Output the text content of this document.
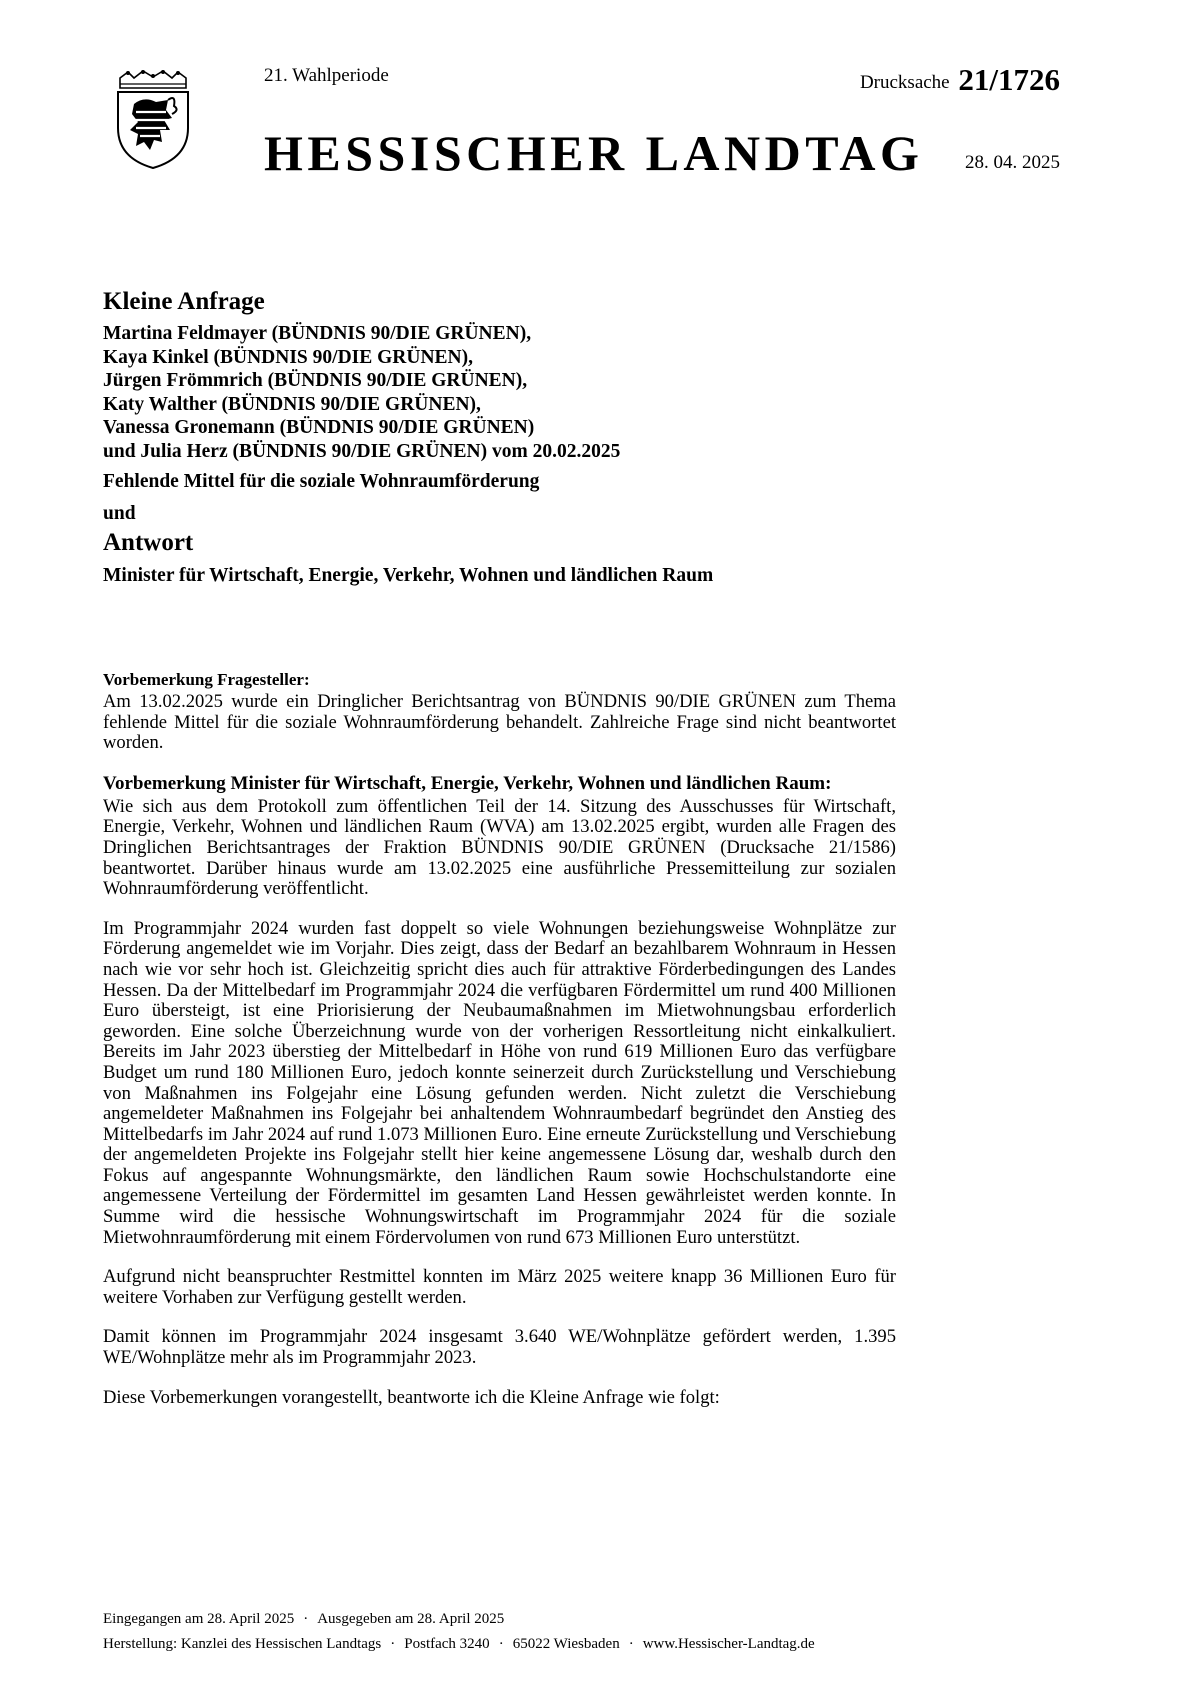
21. Wahlperiode	Drucksache 21/1726
HESSISCHER LANDTAG 28. 04. 2025
Kleine Anfrage
Martina Feldmayer (BÜNDNIS 90/DIE GRÜNEN),
Kaya Kinkel (BÜNDNIS 90/DIE GRÜNEN),
Jürgen Frömmrich (BÜNDNIS 90/DIE GRÜNEN),
Katy Walther (BÜNDNIS 90/DIE GRÜNEN),
Vanessa Gronemann (BÜNDNIS 90/DIE GRÜNEN)
und Julia Herz (BÜNDNIS 90/DIE GRÜNEN) vom 20.02.2025
Fehlende Mittel für die soziale Wohnraumförderung
und
Antwort
Minister für Wirtschaft, Energie, Verkehr, Wohnen und ländlichen Raum

Vorbemerkung Fragesteller:

Am 13.02.2025 wurde ein Dringlicher Berichtsantrag von BÜNDNIS 90/DIE GRÜNEN zum Thema fehlende Mittel für die soziale Wohnraumförderung behandelt. Zahlreiche Frage sind nicht beantwortet worden.

Vorbemerkung Minister für Wirtschaft, Energie, Verkehr, Wohnen und ländlichen Raum:

Wie sich aus dem Protokoll zum öffentlichen Teil der 14. Sitzung des Ausschusses für Wirtschaft, Energie, Verkehr, Wohnen und ländlichen Raum (WVA) am 13.02.2025 ergibt, wurden alle Fragen des Dringlichen Berichtsantrages der Fraktion BÜNDNIS 90/DIE GRÜNEN (Drucksache 21/1586) beantwortet. Darüber hinaus wurde am 13.02.2025 eine ausführliche Pressemitteilung zur sozialen Wohnraumförderung veröffentlicht.

Im Programmjahr 2024 wurden fast doppelt so viele Wohnungen beziehungsweise Wohnplätze zur Förderung angemeldet wie im Vorjahr. Dies zeigt, dass der Bedarf an bezahlbarem Wohnraum in Hessen nach wie vor sehr hoch ist. Gleichzeitig spricht dies auch für attraktive Förderbedingungen des Landes Hessen. Da der Mittelbedarf im Programmjahr 2024 die verfügbaren Fördermittel um rund 400 Millionen Euro übersteigt, ist eine Priorisierung der Neubaumaßnahmen im Mietwohnungsbau erforderlich geworden. Eine solche Überzeichnung wurde von der vorherigen Ressortleitung nicht einkalkuliert. Bereits im Jahr 2023 überstieg der Mittelbedarf in Höhe von rund 619 Millionen Euro das verfügbare Budget um rund 180 Millionen Euro, jedoch konnte seinerzeit durch Zurückstellung und Verschiebung von Maßnahmen ins Folgejahr eine Lösung gefunden werden. Nicht zuletzt die Verschiebung angemeldeter Maßnahmen ins Folgejahr bei anhaltendem Wohnraumbedarf begründet den Anstieg des Mittelbedarfs im Jahr 2024 auf rund 1.073 Millionen Euro. Eine erneute Zurückstellung und Verschiebung der angemeldeten Projekte ins Folgejahr stellt hier keine angemessene Lösung dar, weshalb durch den Fokus auf angespannte Wohnungsmärkte, den ländlichen Raum sowie Hochschulstandorte eine angemessene Verteilung der Fördermittel im gesamten Land Hessen gewährleistet werden konnte. In Summe wird die hessische Wohnungswirtschaft im Programmjahr 2024 für die soziale Mietwohnraumförderung mit einem Fördervolumen von rund 673 Millionen Euro unterstützt.

Aufgrund nicht beanspruchter Restmittel konnten im März 2025 weitere knapp 36 Millionen Euro für weitere Vorhaben zur Verfügung gestellt werden.

Damit können im Programmjahr 2024 insgesamt 3.640 WE/Wohnplätze gefördert werden, 1.395 WE/Wohnplätze mehr als im Programmjahr 2023.

Diese Vorbemerkungen vorangestellt, beantworte ich die Kleine Anfrage wie folgt:

Eingegangen am 28. April 2025 · Ausgegeben am 28. April 2025
Herstellung: Kanzlei des Hessischen Landtags · Postfach 3240 · 65022 Wiesbaden · www.Hessischer-Landtag.de
